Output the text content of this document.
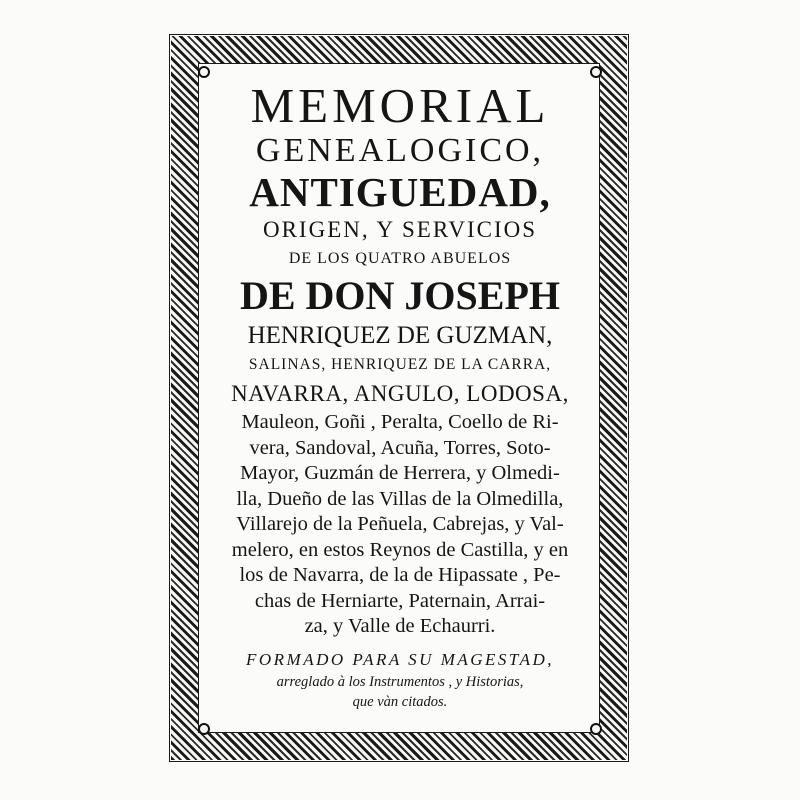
MEMORIAL

GENEALOGICO,

ANTIGUEDAD,

ORIGEN, Y SERVICIOS

DE LOS QUATRO ABUELOS

DE DON JOSEPH

HENRIQUEZ DE GUZMAN,

SALINAS, HENRIQUEZ DE LA CARRA,

NAVARRA, ANGULO, LODOSA,

Mauleon, Goñi , Peralta, Coello de Ri-

vera, Sandoval, Acuña, Torres, Soto-

Mayor, Guzmán de Herrera, y Olmedi-

lla, Dueño de las Villas de la Olmedilla,

Villarejo de la Peñuela, Cabrejas, y Val-

melero, en estos Reynos de Castilla, y en

los de Navarra, de la de Hipassate , Pe-

chas de Herniarte, Paternain, Arrai-

za, y Valle de Echaurri.

FORMADO PARA SU MAGESTAD,

arreglado à los Instrumentos , y Historias,

que vàn citados.
